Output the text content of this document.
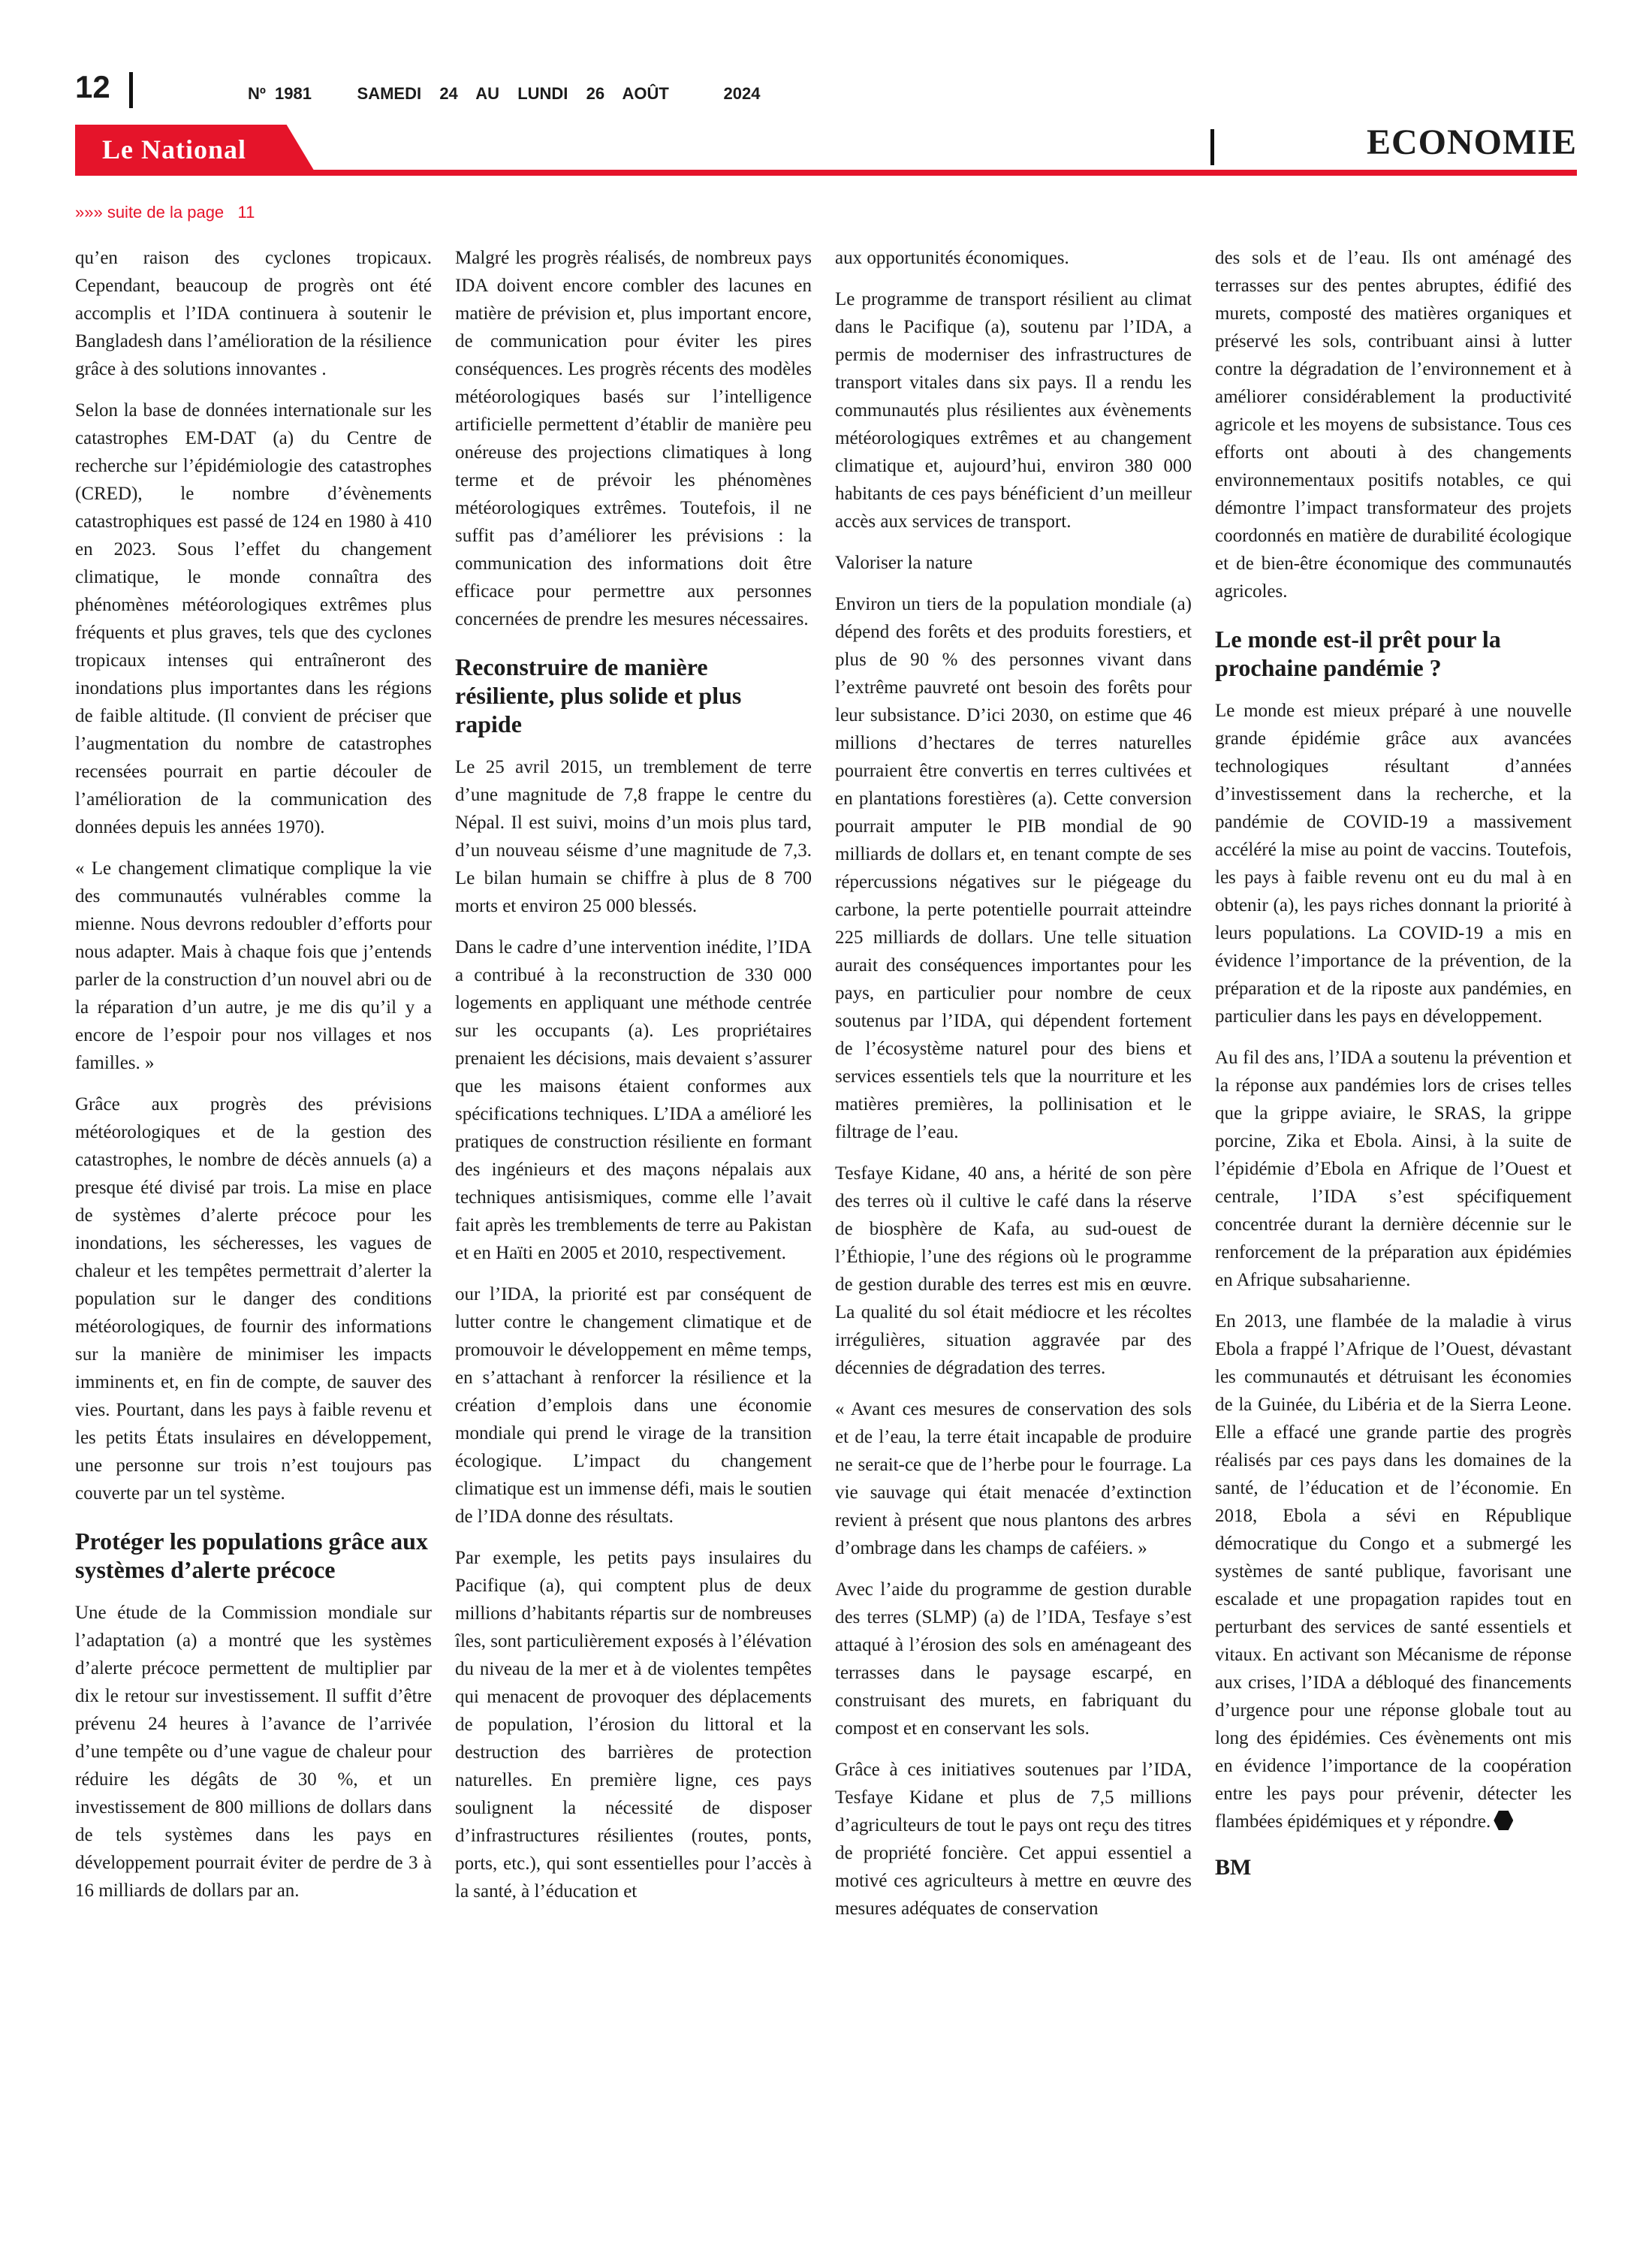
12	Nº 1981     SAMEDI  24  AU  LUNDI  26  AOÛT      2024
Le National	ECONOMIE
»»» suite de la page   11

qu’en raison des cyclones tropicaux. Cependant, beaucoup de progrès ont été accomplis et l’IDA continuera à soutenir le Bangladesh dans l’amélioration de la résilience grâce à des solutions innovantes .

Selon la base de données internationale sur les catastrophes EM-DAT (a) du Centre de recherche sur l’épidémiologie des catastrophes (CRED), le nombre d’évènements catastrophiques est passé de 124 en 1980 à 410 en 2023. Sous l’effet du changement climatique, le monde connaîtra des phénomènes météorologiques extrêmes plus fréquents et plus graves, tels que des cyclones tropicaux intenses qui entraîneront des inondations plus importantes dans les régions de faible altitude. (Il convient de préciser que l’augmentation du nombre de catastrophes recensées pourrait en partie découler de l’amélioration de la communication des données depuis les années 1970).

« Le changement climatique complique la vie des communautés vulnérables comme la mienne. Nous devrons redoubler d’efforts pour nous adapter. Mais à chaque fois que j’entends parler de la construction d’un nouvel abri ou de la réparation d’un autre, je me dis qu’il y a encore de l’espoir pour nos villages et nos familles. »

Grâce aux progrès des prévisions météorologiques et de la gestion des catastrophes, le nombre de décès annuels (a) a presque été divisé par trois. La mise en place de systèmes d’alerte précoce pour les inondations, les sécheresses, les vagues de chaleur et les tempêtes permettrait d’alerter la population sur le danger des conditions météorologiques, de fournir des informations sur la manière de minimiser les impacts imminents et, en fin de compte, de sauver des vies. Pourtant, dans les pays à faible revenu et les petits États insulaires en développement, une personne sur trois n’est toujours pas couverte par un tel système.

Protéger les populations grâce aux systèmes d’alerte précoce

Une étude de la Commission mondiale sur l’adaptation (a) a montré que les systèmes d’alerte précoce permettent de multiplier par dix le retour sur investissement. Il suffit d’être prévenu 24 heures à l’avance de l’arrivée d’une tempête ou d’une vague de chaleur pour réduire les dégâts de 30 %, et un investissement de 800 millions de dollars dans de tels systèmes dans les pays en développement pourrait éviter de perdre de 3 à 16 milliards de dollars par an.

Malgré les progrès réalisés, de nombreux pays IDA doivent encore combler des lacunes en matière de prévision et, plus important encore, de communication pour éviter les pires conséquences. Les progrès récents des modèles météorologiques basés sur l’intelligence artificielle permettent d’établir de manière peu onéreuse des projections climatiques à long terme et de prévoir les phénomènes météorologiques extrêmes. Toutefois, il ne suffit pas d’améliorer les prévisions : la communication des informations doit être efficace pour permettre aux personnes concernées de prendre les mesures nécessaires.

Reconstruire de manière résiliente, plus solide et plus rapide

Le 25 avril 2015, un tremblement de terre d’une magnitude de 7,8 frappe le centre du Népal. Il est suivi, moins d’un mois plus tard, d’un nouveau séisme d’une magnitude de 7,3. Le bilan humain se chiffre à plus de 8 700 morts et environ 25 000 blessés.

Dans le cadre d’une intervention inédite, l’IDA a contribué à la reconstruction de 330 000 logements en appliquant une méthode centrée sur les occupants (a). Les propriétaires prenaient les décisions, mais devaient s’assurer que les maisons étaient conformes aux spécifications techniques. L’IDA a amélioré les pratiques de construction résiliente en formant des ingénieurs et des maçons népalais aux techniques antisismiques, comme elle l’avait fait après les tremblements de terre au Pakistan et en Haïti en 2005 et 2010, respectivement.

our l’IDA, la priorité est par conséquent de lutter contre le changement climatique et de promouvoir le développement en même temps, en s’attachant à renforcer la résilience et la création d’emplois dans une économie mondiale qui prend le virage de la transition écologique. L’impact du changement climatique est un immense défi, mais le soutien de l’IDA donne des résultats.

Par exemple, les petits pays insulaires du Pacifique (a), qui comptent plus de deux millions d’habitants répartis sur de nombreuses îles, sont particulièrement exposés à l’élévation du niveau de la mer et à de violentes tempêtes qui menacent de provoquer des déplacements de population, l’érosion du littoral et la destruction des barrières de protection naturelles. En première ligne, ces pays soulignent la nécessité de disposer d’infrastructures résilientes (routes, ponts, ports, etc.), qui sont essentielles pour l’accès à la santé, à l’éducation et

aux opportunités économiques.

Le programme de transport résilient au climat dans le Pacifique (a), soutenu par l’IDA, a permis de moderniser des infrastructures de transport vitales dans six pays. Il a rendu les communautés plus résilientes aux évènements météorologiques extrêmes et au changement climatique et, aujourd’hui, environ 380 000 habitants de ces pays bénéficient d’un meilleur accès aux services de transport.

Valoriser la nature

Environ un tiers de la population mondiale (a) dépend des forêts et des produits forestiers, et plus de 90 % des personnes vivant dans l’extrême pauvreté ont besoin des forêts pour leur subsistance. D’ici 2030, on estime que 46 millions d’hectares de terres naturelles pourraient être convertis en terres cultivées et en plantations forestières (a). Cette conversion pourrait amputer le PIB mondial de 90 milliards de dollars et, en tenant compte de ses répercussions négatives sur le piégeage du carbone, la perte potentielle pourrait atteindre 225 milliards de dollars. Une telle situation aurait des conséquences importantes pour les pays, en particulier pour nombre de ceux soutenus par l’IDA, qui dépendent fortement de l’écosystème naturel pour des biens et services essentiels tels que la nourriture et les matières premières, la pollinisation et le filtrage de l’eau.

Tesfaye Kidane, 40 ans, a hérité de son père des terres où il cultive le café dans la réserve de biosphère de Kafa, au sud-ouest de l’Éthiopie, l’une des régions où le programme de gestion durable des terres est mis en œuvre. La qualité du sol était médiocre et les récoltes irrégulières, situation aggravée par des décennies de dégradation des terres.

« Avant ces mesures de conservation des sols et de l’eau, la terre était incapable de produire ne serait-ce que de l’herbe pour le fourrage. La vie sauvage qui était menacée d’extinction revient à présent que nous plantons des arbres d’ombrage dans les champs de caféiers. »

Avec l’aide du programme de gestion durable des terres (SLMP) (a) de l’IDA, Tesfaye s’est attaqué à l’érosion des sols en aménageant des terrasses dans le paysage escarpé, en construisant des murets, en fabriquant du compost et en conservant les sols.

Grâce à ces initiatives soutenues par l’IDA, Tesfaye Kidane et plus de 7,5 millions d’agriculteurs de tout le pays ont reçu des titres de propriété foncière. Cet appui essentiel a motivé ces agriculteurs à mettre en œuvre des mesures adéquates de conservation

des sols et de l’eau. Ils ont aménagé des terrasses sur des pentes abruptes, édifié des murets, composté des matières organiques et préservé les sols, contribuant ainsi à lutter contre la dégradation de l’environnement et à améliorer considérablement la productivité agricole et les moyens de subsistance. Tous ces efforts ont abouti à des changements environnementaux positifs notables, ce qui démontre l’impact transformateur des projets coordonnés en matière de durabilité écologique et de bien-être économique des communautés agricoles.

Le monde est-il prêt pour la prochaine pandémie ?

Le monde est mieux préparé à une nouvelle grande épidémie grâce aux avancées technologiques résultant d’années d’investissement dans la recherche, et la pandémie de COVID-19 a massivement accéléré la mise au point de vaccins. Toutefois, les pays à faible revenu ont eu du mal à en obtenir (a), les pays riches donnant la priorité à leurs populations. La COVID-19 a mis en évidence l’importance de la prévention, de la préparation et de la riposte aux pandémies, en particulier dans les pays en développement.

Au fil des ans, l’IDA a soutenu la prévention et la réponse aux pandémies lors de crises telles que la grippe aviaire, le SRAS, la grippe porcine, Zika et Ebola. Ainsi, à la suite de l’épidémie d’Ebola en Afrique de l’Ouest et centrale, l’IDA s’est spécifiquement concentrée durant la dernière décennie sur le renforcement de la préparation aux épidémies en Afrique subsaharienne.

En 2013, une flambée de la maladie à virus Ebola a frappé l’Afrique de l’Ouest, dévastant les communautés et détruisant les économies de la Guinée, du Libéria et de la Sierra Leone. Elle a effacé une grande partie des progrès réalisés par ces pays dans les domaines de la santé, de l’éducation et de l’économie. En 2018, Ebola a sévi en République démocratique du Congo et a submergé les systèmes de santé publique, favorisant une escalade et une propagation rapides tout en perturbant des services de santé essentiels et vitaux. En activant son Mécanisme de réponse aux crises, l’IDA a débloqué des financements d’urgence pour une réponse globale tout au long des épidémies. Ces évènements ont mis en évidence l’importance de la coopération entre les pays pour prévenir, détecter les flambées épidémiques et y répondre.

BM
